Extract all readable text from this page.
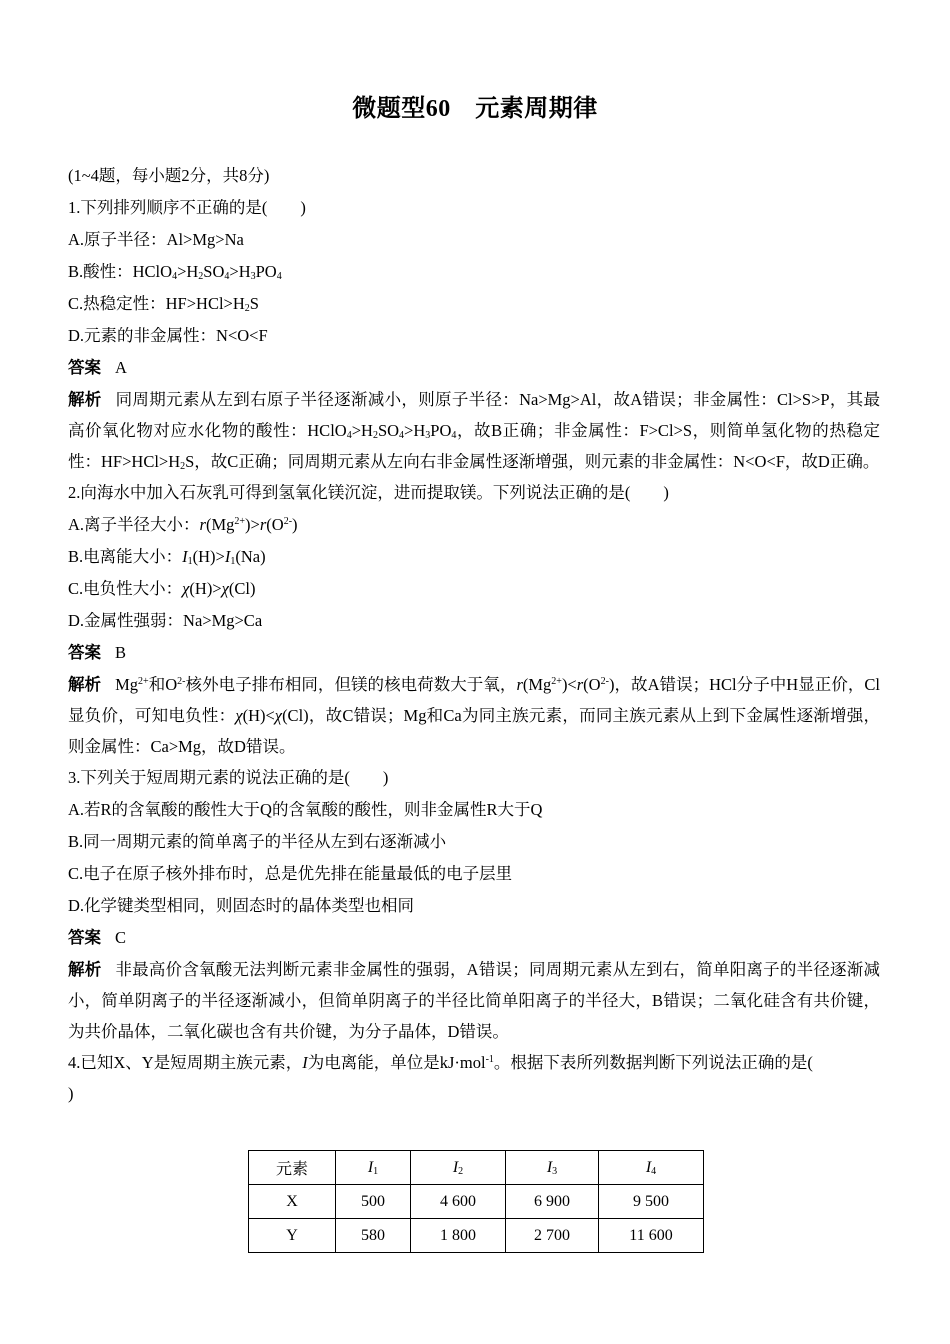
微题型60　元素周期律
(1~4题，每小题2分，共8分)
1.下列排列顺序不正确的是(　　)
A.原子半径：Al>Mg>Na
B.酸性：$HClO_4>H_2SO_4>H_3PO_4$
C.热稳定性：$HF>HCl>H_2S$
D.元素的非金属性：N<O<F
答案 A
解析 同周期元素从左到右原子半径逐渐减小，则原子半径：Na>Mg>Al，故A错误；非金属性：Cl>S>P，其最高价氧化物对应水化物的酸性：$HClO_4>H_2SO_4>H_3PO_4$，故B正确；非金属性：F>Cl>S，则简单氢化物的热稳定性：$HF>HCl>H_2S$，故C正确；同周期元素从左向右非金属性逐渐增强，则元素的非金属性：N<O<F，故D正确。
2.向海水中加入石灰乳可得到氢氧化镁沉淀，进而提取镁。下列说法正确的是(　　)
A.离子半径大小：$r(Mg^{2+})>r(O^{2-})$
B.电离能大小：$I_1(H)>I_1(Na)$
C.电负性大小：χ(H)>χ(Cl)
D.金属性强弱：Na>Mg>Ca
答案 B
解析 $Mg^{2+}$和$O^{2-}$核外电子排布相同，但镁的核电荷数大于氧，$r(Mg^{2+})<r(O^{2-})$，故A错误；HCl分子中H显正价，Cl显负价，可知电负性：χ(H)<χ(Cl)，故C错误；Mg和Ca为同主族元素，而同主族元素从上到下金属性逐渐增强，则金属性：Ca>Mg，故D错误。
3.下列关于短周期元素的说法正确的是(　　)
A.若R的含氧酸的酸性大于Q的含氧酸的酸性，则非金属性R大于Q
B.同一周期元素的简单离子的半径从左到右逐渐减小
C.电子在原子核外排布时，总是优先排在能量最低的电子层里
D.化学键类型相同，则固态时的晶体类型也相同
答案 C
解析 非最高价含氧酸无法判断元素非金属性的强弱，A错误；同周期元素从左到右，简单阳离子的半径逐渐减小，简单阴离子的半径逐渐减小，但简单阴离子的半径比简单阳离子的半径大，B错误；二氧化硅含有共价键，为共价晶体，二氧化碳也含有共价键，为分子晶体，D错误。
4.已知X、Y是短周期主族元素，I为电离能，单位是kJ·mol$^{-1}$。根据下表所列数据判断下列说法正确的是(
)
元素	$I_1$	$I_2$	$I_3$	$I_4$
X	500	4 600	6 900	9 500
Y	580	1 800	2 700	11 600
